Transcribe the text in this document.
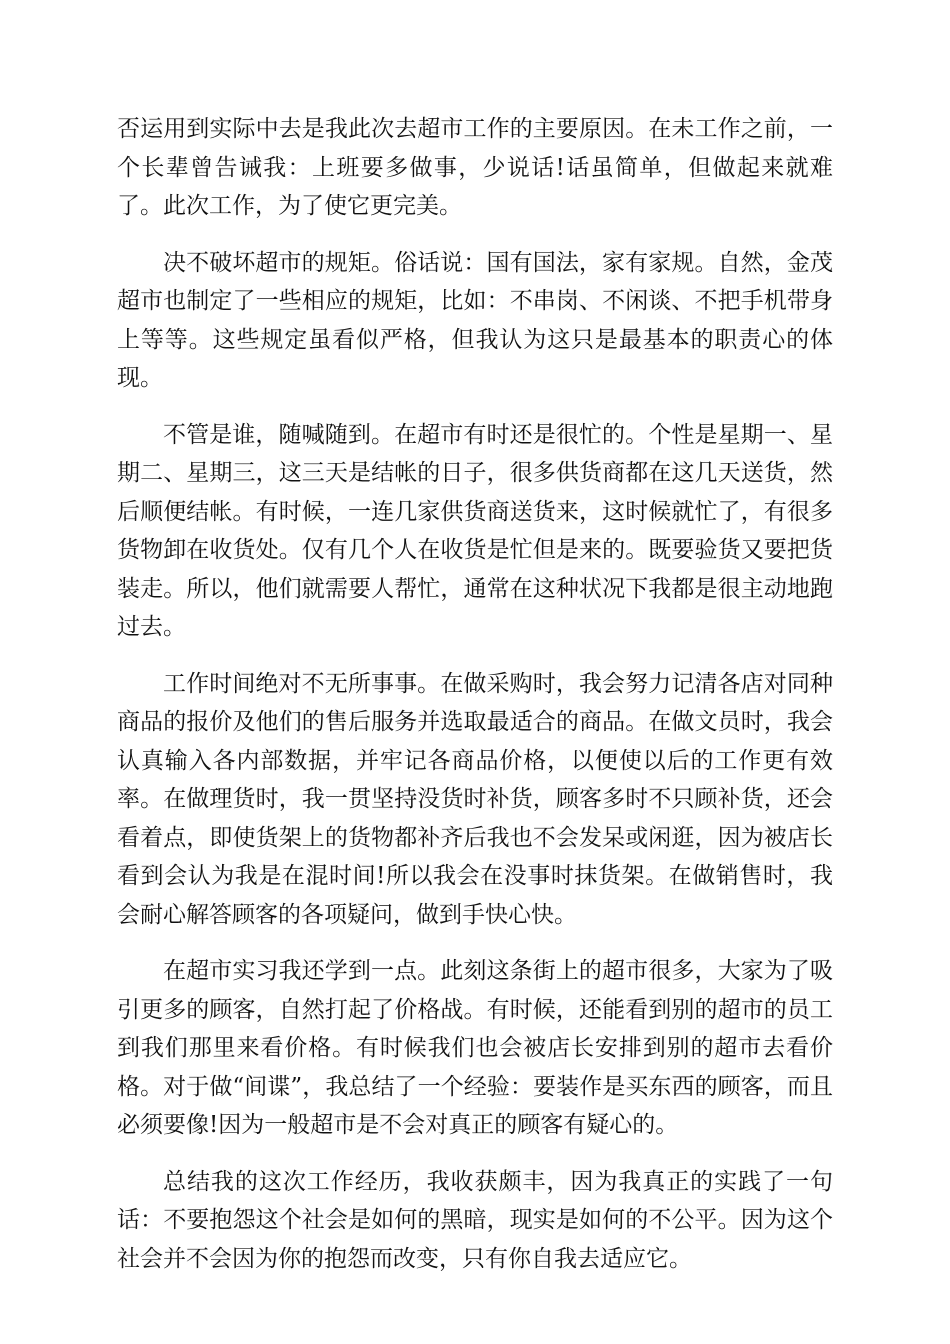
否运用到实际中去是我此次去超市工作的主要原因。在未工作之前，一个长辈曾告诫我：上班要多做事，少说话!话虽简单，但做起来就难了。此次工作，为了使它更完美。

决不破坏超市的规矩。俗话说：国有国法，家有家规。自然，金茂超市也制定了一些相应的规矩，比如：不串岗、不闲谈、不把手机带身上等等。这些规定虽看似严格，但我认为这只是最基本的职责心的体现。

不管是谁，随喊随到。在超市有时还是很忙的。个性是星期一、星期二、星期三，这三天是结帐的日子，很多供货商都在这几天送货，然后顺便结帐。有时候，一连几家供货商送货来，这时候就忙了，有很多货物卸在收货处。仅有几个人在收货是忙但是来的。既要验货又要把货装走。所以，他们就需要人帮忙，通常在这种状况下我都是很主动地跑过去。

工作时间绝对不无所事事。在做采购时，我会努力记清各店对同种商品的报价及他们的售后服务并选取最适合的商品。在做文员时，我会认真输入各内部数据，并牢记各商品价格，以便使以后的工作更有效率。在做理货时，我一贯坚持没货时补货，顾客多时不只顾补货，还会看着点，即使货架上的货物都补齐后我也不会发呆或闲逛，因为被店长看到会认为我是在混时间!所以我会在没事时抹货架。在做销售时，我会耐心解答顾客的各项疑问，做到手快心快。

在超市实习我还学到一点。此刻这条街上的超市很多，大家为了吸引更多的顾客，自然打起了价格战。有时候，还能看到别的超市的员工到我们那里来看价格。有时候我们也会被店长安排到别的超市去看价格。对于做“间谍”，我总结了一个经验：要装作是买东西的顾客，而且必须要像!因为一般超市是不会对真正的顾客有疑心的。

总结我的这次工作经历，我收获颇丰，因为我真正的实践了一句话：不要抱怨这个社会是如何的黑暗，现实是如何的不公平。因为这个社会并不会因为你的抱怨而改变，只有你自我去适应它。
